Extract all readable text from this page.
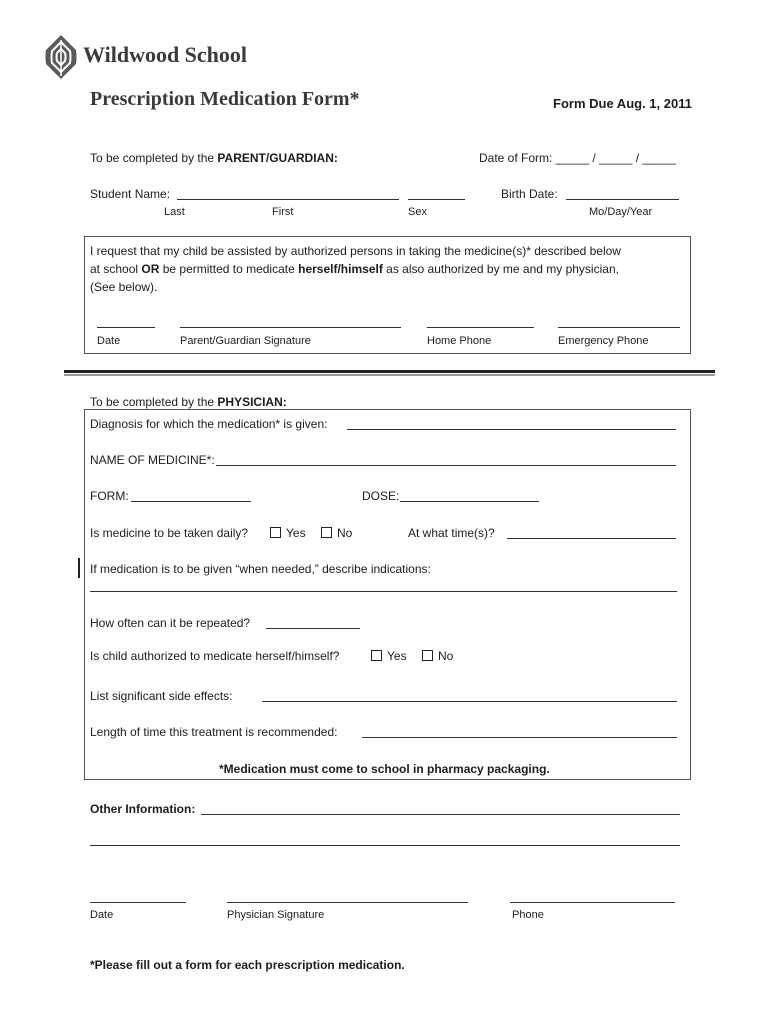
Wildwood School
Prescription Medication Form*	Form Due Aug. 1, 2011
To be completed by the PARENT/GUARDIAN:	Date of Form: _____ / _____ / _____
Student Name:	Birth Date:
Last	First	Sex	Mo/Day/Year
I request that my child be assisted by authorized persons in taking the medicine(s)* described below
at school OR be permitted to medicate herself/himself as also authorized by me and my physician,
(See below).
Date	Parent/Guardian Signature	Home Phone	Emergency Phone
To be completed by the PHYSICIAN:
Diagnosis for which the medication* is given:
NAME OF MEDICINE*:
FORM:	DOSE:
Is medicine to be taken daily?	Yes	No	At what time(s)?
If medication is to be given “when needed,” describe indications:
How often can it be repeated?
Is child authorized to medicate herself/himself?	Yes	No
List significant side effects:
Length of time this treatment is recommended:
*Medication must come to school in pharmacy packaging.
Other Information:
Date	Physician Signature	Phone
*Please fill out a form for each prescription medication.
